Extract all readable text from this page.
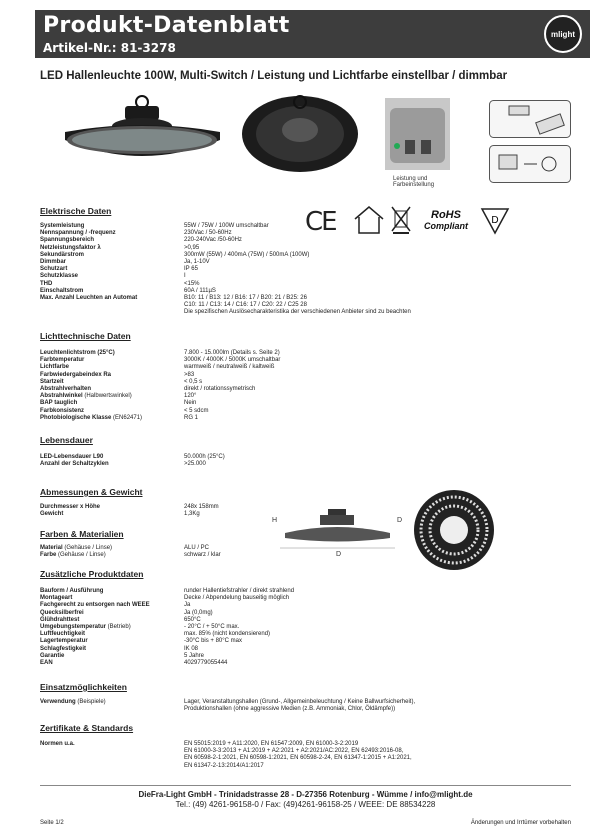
Produkt-Datenblatt
Artikel-Nr.: 81-3278
mlight
LED Hallenleuchte 100W, Multi-Switch / Leistung und Lichtfarbe einstellbar / dimmbar
Leistung und
Farbeinstellung
CE	RoHS
Compliant D
H	D
D
Elektrische Daten
Systemleistung	55W / 75W / 100W umschaltbar
Nennspannung / -frequenz	230Vac / 50-60Hz
Spannungsbereich	220-240Vac /50-60Hz
Netzleistungsfaktor λ	>0,95
Sekundärstrom	300mW (55W) / 400mA (75W) / 500mA (100W)
Dimmbar	Ja, 1-10V
Schutzart	IP 65
Schutzklasse	I
THD	<15%
Einschaltstrom	60A / 111µS
Max. Anzahl Leuchten an Automat	B10: 11 / B13: 12 / B16: 17 / B20: 21 / B25: 26
C10: 11 / C13: 14 / C16: 17 / C20: 22 / C25 28
Die spezifischen Auslösecharakteristika der verschiedenen Anbieter sind zu beachten
Lichttechnische Daten
Leuchtenlichtstrom (25°C)	7.800 - 15.000lm (Details s. Seite 2)
Farbtemperatur	3000K / 4000K / 5000K umschaltbar
Lichtfarbe	warmweiß / neutralweiß / kaltweiß
Farbwiedergabeindex Ra	>83
Startzeit	< 0,5 s
Abstrahlverhalten	direkt / rotationssymetrisch
Abstrahlwinkel (Halbwertswinkel)	120°
BAP tauglich	Nein
Farbkonsistenz	< 5 sdcm
Photobiologische Klasse (EN62471)	RG 1
Lebensdauer
LED-Lebensdauer L90	50.000h (25°C)
Anzahl der Schaltzyklen	>25.000
Abmessungen & Gewicht
Durchmesser x Höhe	248x 158mm
Gewicht	1,3Kg
Farben & Materialien
Material (Gehäuse / Linse)	ALU / PC
Farbe (Gehäuse / Linse)	schwarz / klar
Zusätzliche Produktdaten
Bauform / Ausführung	runder Hallentiefstrahler / direkt strahlend
Montageart	Decke / Abpendelung bauseitig möglich
Fachgerecht zu entsorgen nach WEEE	Ja
Quecksilberfrei	Ja (0,0mg)
Glühdrahttest	650°C
Umgebungstemperatur (Betrieb)	- 20°C / + 50°C max.
Luftfeuchtigkeit	max. 85% (nicht kondensierend)
Lagertemperatur	-30°C bis + 80°C max
Schlagfestigkeit	IK 08
Garantie	5 Jahre
EAN	4029779055444
Einsatzmöglichkeiten
Verwendung (Beispiele)	Lager, Veranstaltungshallen (Grund-, Allgemeinbeleuchtung / Keine Ballwurfsicherheit),
Produktionshallen (ohne aggressive Medien (z.B. Ammoniak, Chlor, Öldämpfe))
Zertifikate & Standards
Normen u.a.	EN 55015:2019 + A11:2020, EN 61547:2009, EN 61000-3-2:2019
EN 61000-3-3:2013 + A1:2019 + A2:2021 + A2:2021/AC:2022, EN 62493:2016-08,
EN 60598-2-1:2021, EN 60598-1:2021, EN 60598-2-24, EN 61347-1:2015 + A1:2021,
EN 61347-2-13:2014/A1:2017
DieFra-Light GmbH - Trinidadstrasse 28 - D-27356 Rotenburg - Wümme / info@mlight.de
Tel.: (49) 4261-96158-0 / Fax: (49)4261-96158-25 / WEEE: DE 88534228
Seite 1/2	Änderungen und Irrtümer vorbehalten
